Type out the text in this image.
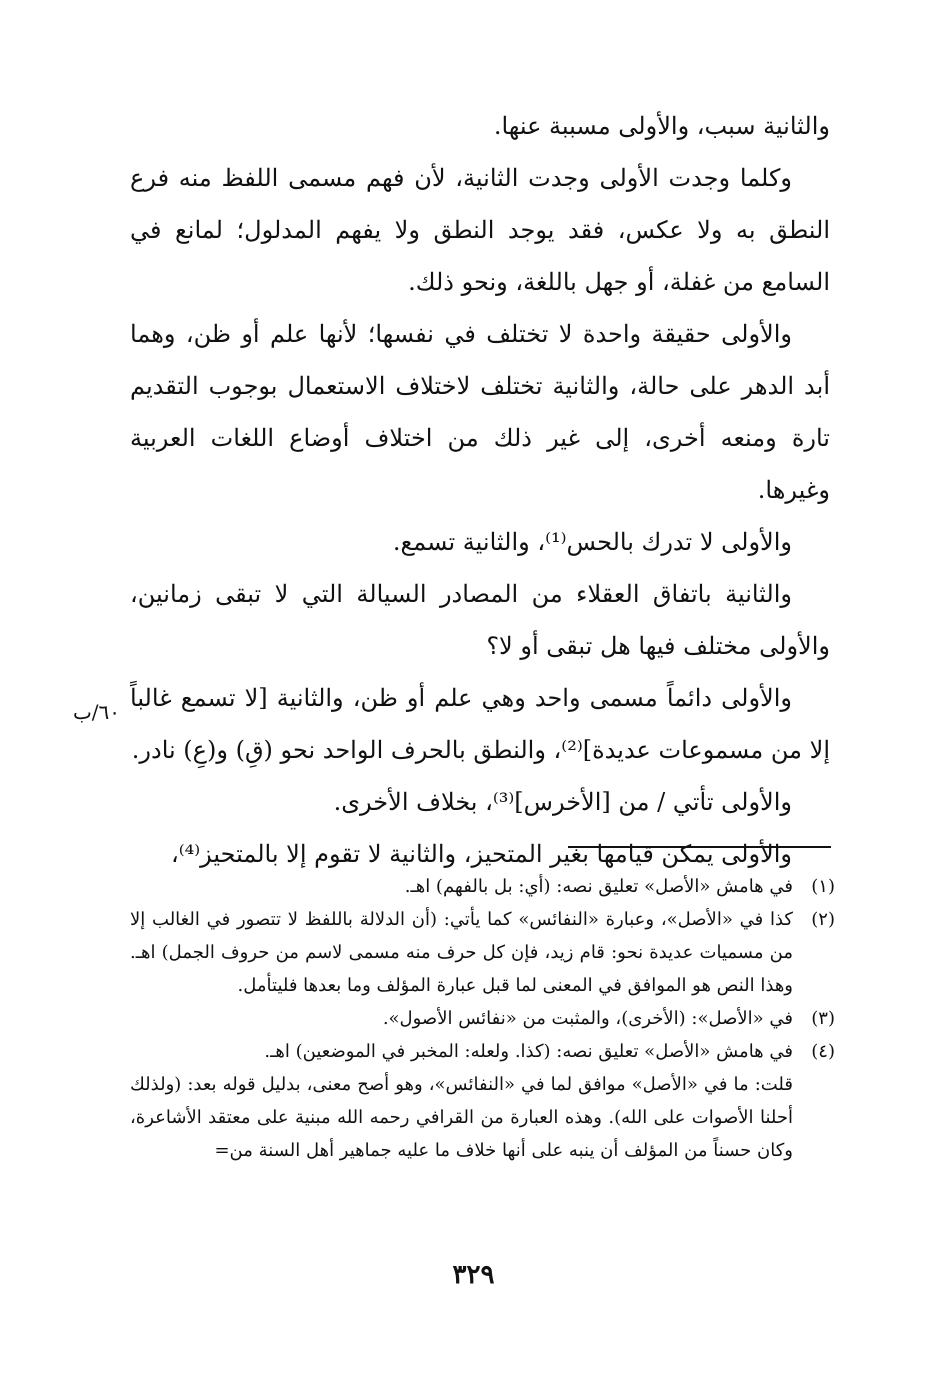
والثانية سبب، والأولى مسببة عنها.

وكلما وجدت الأولى وجدت الثانية، لأن فهم مسمى اللفظ منه فرع النطق به ولا عكس، فقد يوجد النطق ولا يفهم المدلول؛ لمانع في السامع من غفلة، أو جهل باللغة، ونحو ذلك.

والأولى حقيقة واحدة لا تختلف في نفسها؛ لأنها علم أو ظن، وهما أبد الدهر على حالة، والثانية تختلف لاختلاف الاستعمال بوجوب التقديم تارة ومنعه أخرى، إلى غير ذلك من اختلاف أوضاع اللغات العربية وغيرها.

والأولى لا تدرك بالحس⁽¹⁾، والثانية تسمع.

والثانية باتفاق العقلاء من المصادر السيالة التي لا تبقى زمانين، والأولى مختلف فيها هل تبقى أو لا؟

والأولى دائماً مسمى واحد وهي علم أو ظن، والثانية [لا تسمع غالباً إلا من مسموعات عديدة]⁽²⁾، والنطق بالحرف الواحد نحو (قِ) و(عِ) نادر.

والأولى تأتي / من [الأخرس]⁽³⁾، بخلاف الأخرى.

والأولى يمكن قيامها بغير المتحيز، والثانية لا تقوم إلا بالمتحيز⁽⁴⁾،

٦٠/ب
(١)

في هامش «الأصل» تعليق نصه: (أي: بل بالفهم) اهـ.

(٢)

كذا في «الأصل»، وعبارة «النفائس» كما يأتي: (أن الدلالة باللفظ لا تتصور في الغالب إلا من مسميات عديدة نحو: قام زيد، فإن كل حرف منه مسمى لاسم من حروف الجمل) اهـ. وهذا النص هو الموافق في المعنى لما قبل عبارة المؤلف وما بعدها فليتأمل.

(٣)

في «الأصل»: (الأخرى)، والمثبت من «نفائس الأصول».

(٤)

في هامش «الأصل» تعليق نصه: (كذا. ولعله: المخبر في الموضعين) اهـ.

قلت: ما في «الأصل» موافق لما في «النفائس»، وهو أصح معنى، بدليل قوله بعد: (ولذلك أحلنا الأصوات على الله). وهذه العبارة من القرافي رحمه الله مبنية على معتقد الأشاعرة، وكان حسناً من المؤلف أن ينبه على أنها خلاف ما عليه جماهير أهل السنة من=

٣٢٩
